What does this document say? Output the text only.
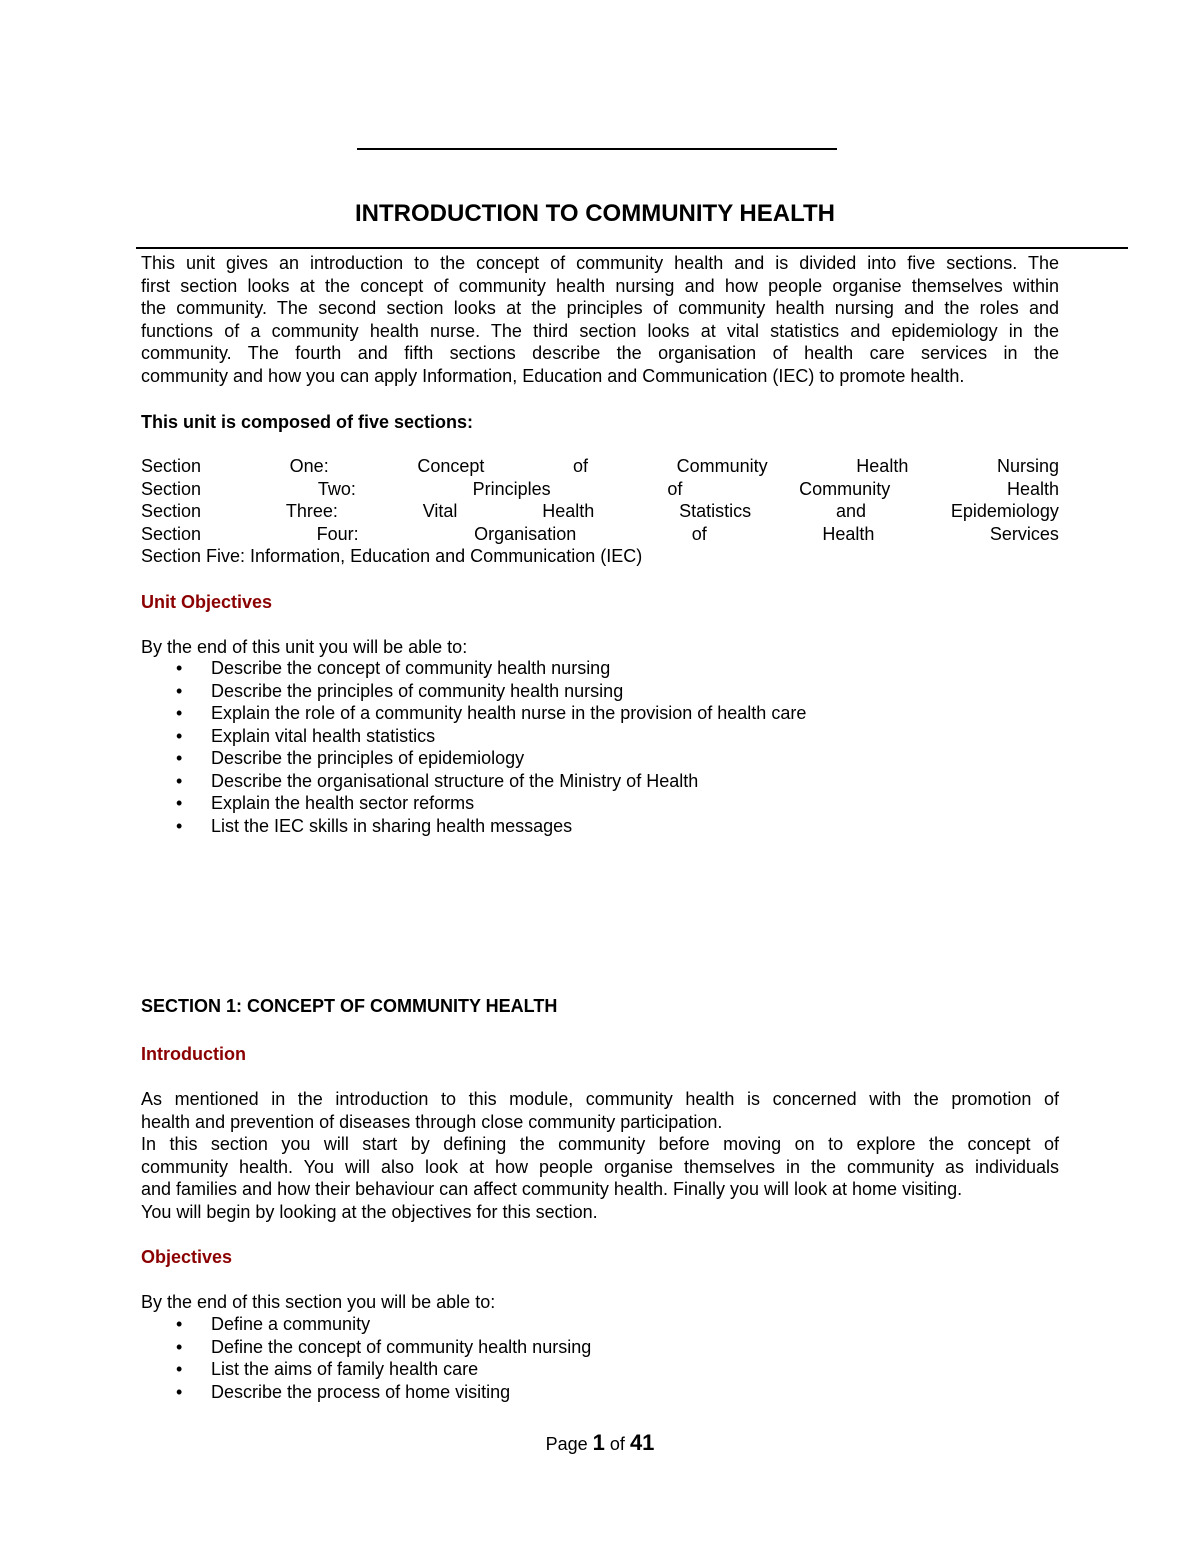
INTRODUCTION TO COMMUNITY HEALTH
This unit gives an introduction to the concept of community health and is divided into five sections. The
first section looks at the concept of community health nursing and how people organise themselves within
the community. The second section looks at the principles of community health nursing and the roles and
functions of a community health nurse. The third section looks at vital statistics and epidemiology in the
community. The fourth and fifth sections describe the organisation of health care services in the
community and how you can apply Information, Education and Communication (IEC) to promote health.
This unit is composed of five sections:
Section	One:	Concept	of	Community	Health	Nursing
Section	Two:	Principles	of	Community	Health
Section	Three:	Vital	Health	Statistics	and	Epidemiology
Section	Four:	Organisation	of	Health	Services
Section Five: Information, Education and Communication (IEC)
Unit Objectives
By the end of this unit you will be able to:
• Describe the concept of community health nursing
• Describe the principles of community health nursing
• Explain the role of a community health nurse in the provision of health care
• Explain vital health statistics
• Describe the principles of epidemiology
• Describe the organisational structure of the Ministry of Health
• Explain the health sector reforms
• List the IEC skills in sharing health messages
SECTION 1: CONCEPT OF COMMUNITY HEALTH
Introduction
As mentioned in the introduction to this module, community health is concerned with the promotion of
health and prevention of diseases through close community participation.
In this section you will start by defining the community before moving on to explore the concept of
community health. You will also look at how people organise themselves in the community as individuals
and families and how their behaviour can affect community health. Finally you will look at home visiting.
You will begin by looking at the objectives for this section.
Objectives
By the end of this section you will be able to:
• Define a community
• Define the concept of community health nursing
• List the aims of family health care
• Describe the process of home visiting
Page 1 of 41
